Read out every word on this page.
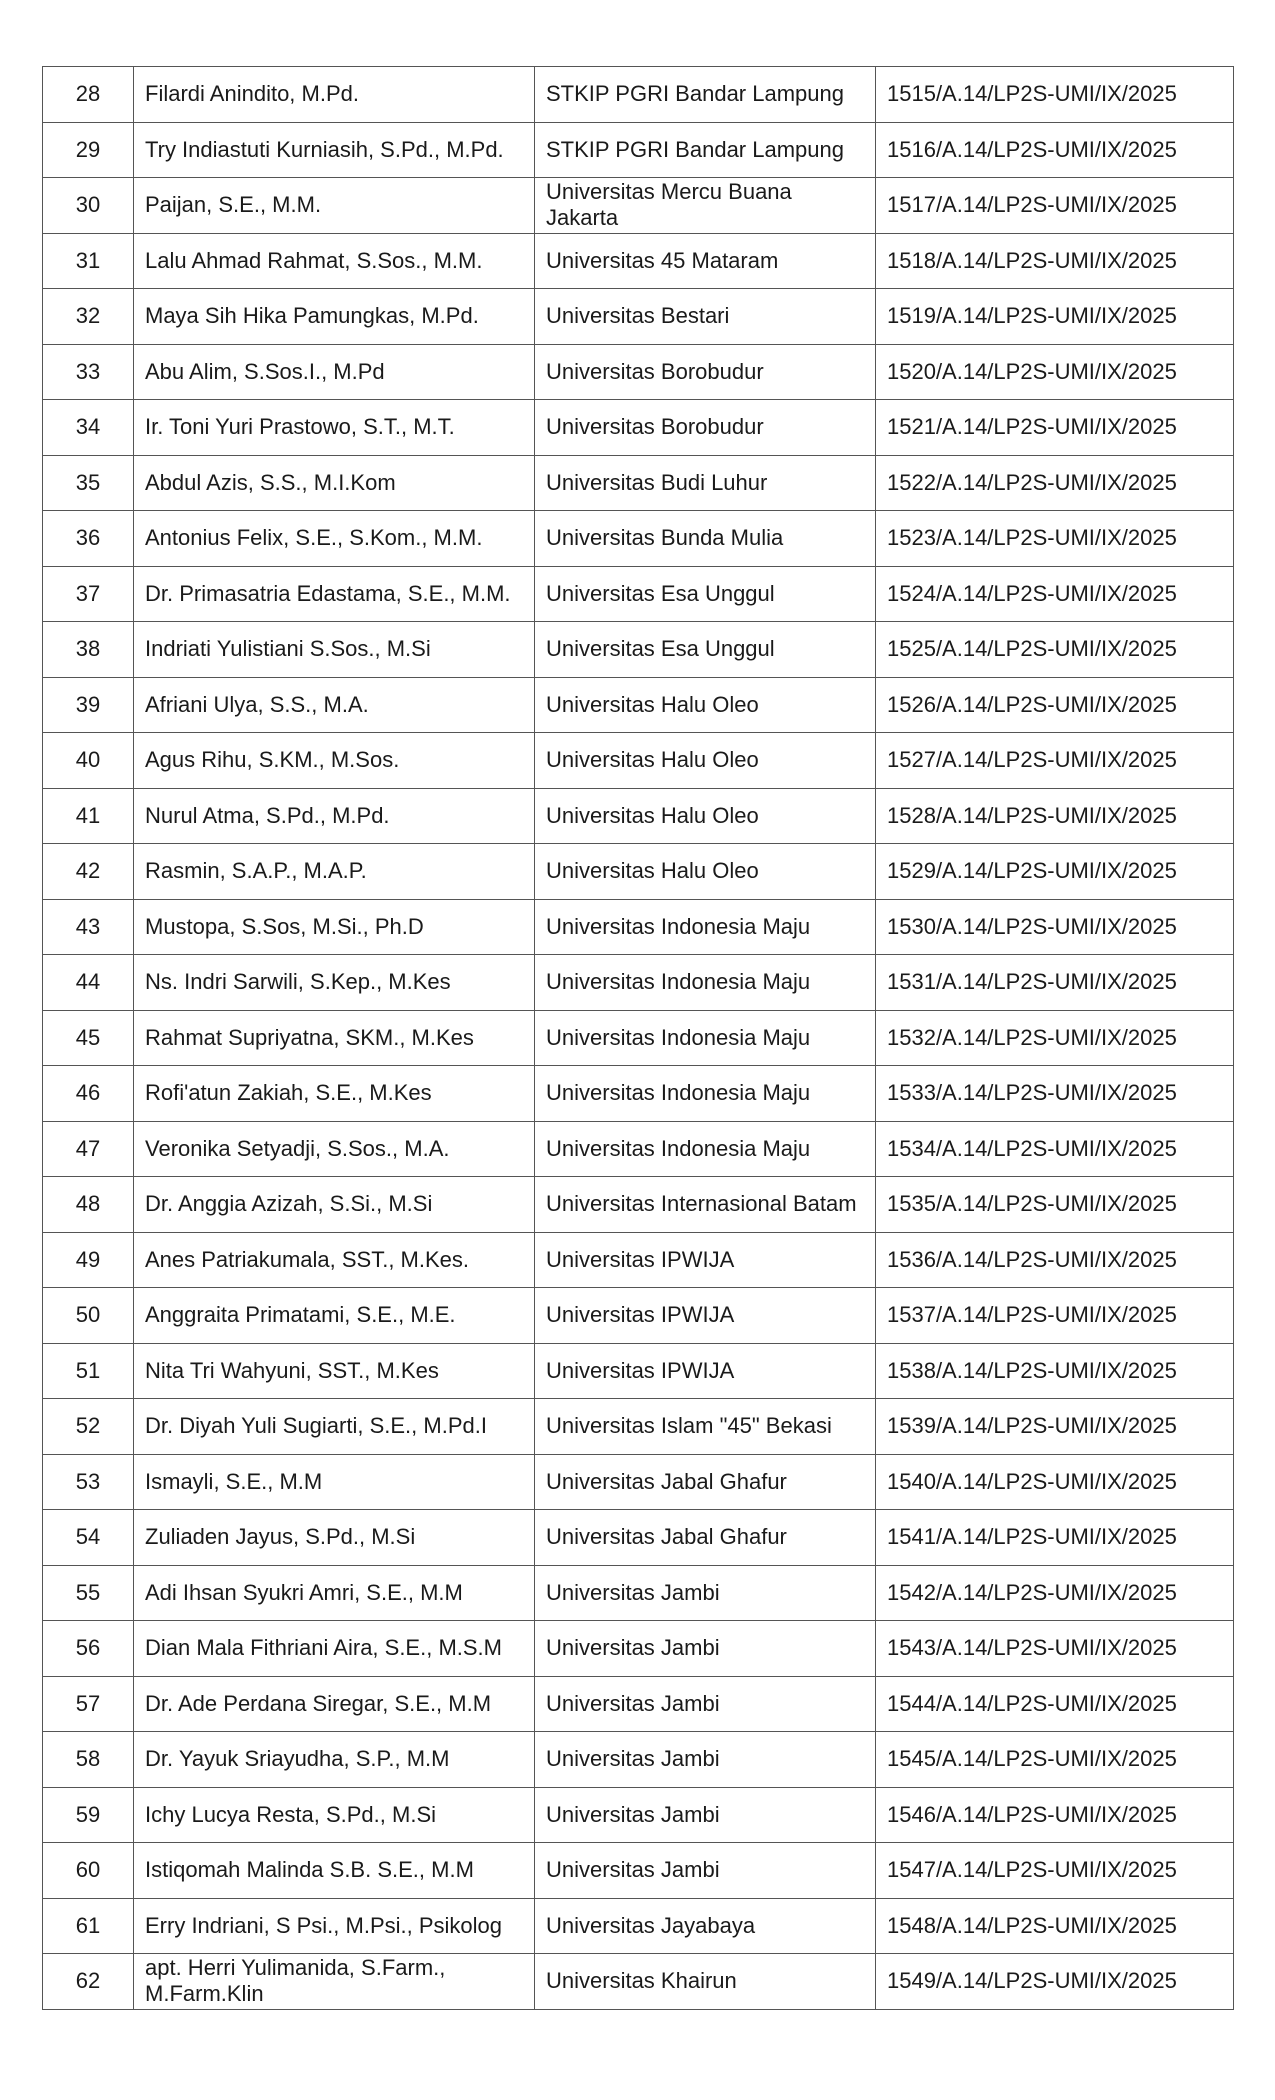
28	Filardi Anindito, M.Pd.	STKIP PGRI Bandar Lampung	1515/A.14/LP2S-UMI/IX/2025
29	Try Indiastuti Kurniasih, S.Pd., M.Pd.	STKIP PGRI Bandar Lampung	1516/A.14/LP2S-UMI/IX/2025
30	Paijan, S.E., M.M.	Universitas Mercu Buana Jakarta	1517/A.14/LP2S-UMI/IX/2025
31	Lalu Ahmad Rahmat, S.Sos., M.M.	Universitas 45 Mataram	1518/A.14/LP2S-UMI/IX/2025
32	Maya Sih Hika Pamungkas, M.Pd.	Universitas Bestari	1519/A.14/LP2S-UMI/IX/2025
33	Abu Alim, S.Sos.I., M.Pd	Universitas Borobudur	1520/A.14/LP2S-UMI/IX/2025
34	Ir. Toni Yuri Prastowo, S.T., M.T.	Universitas Borobudur	1521/A.14/LP2S-UMI/IX/2025
35	Abdul Azis, S.S., M.I.Kom	Universitas Budi Luhur	1522/A.14/LP2S-UMI/IX/2025
36	Antonius Felix, S.E., S.Kom., M.M.	Universitas Bunda Mulia	1523/A.14/LP2S-UMI/IX/2025
37	Dr. Primasatria Edastama, S.E., M.M.	Universitas Esa Unggul	1524/A.14/LP2S-UMI/IX/2025
38	Indriati Yulistiani S.Sos., M.Si	Universitas Esa Unggul	1525/A.14/LP2S-UMI/IX/2025
39	Afriani Ulya, S.S., M.A.	Universitas Halu Oleo	1526/A.14/LP2S-UMI/IX/2025
40	Agus Rihu, S.KM., M.Sos.	Universitas Halu Oleo	1527/A.14/LP2S-UMI/IX/2025
41	Nurul Atma, S.Pd., M.Pd.	Universitas Halu Oleo	1528/A.14/LP2S-UMI/IX/2025
42	Rasmin, S.A.P., M.A.P.	Universitas Halu Oleo	1529/A.14/LP2S-UMI/IX/2025
43	Mustopa, S.Sos, M.Si., Ph.D	Universitas Indonesia Maju	1530/A.14/LP2S-UMI/IX/2025
44	Ns. Indri Sarwili, S.Kep., M.Kes	Universitas Indonesia Maju	1531/A.14/LP2S-UMI/IX/2025
45	Rahmat Supriyatna, SKM., M.Kes	Universitas Indonesia Maju	1532/A.14/LP2S-UMI/IX/2025
46	Rofi'atun Zakiah, S.E., M.Kes	Universitas Indonesia Maju	1533/A.14/LP2S-UMI/IX/2025
47	Veronika Setyadji, S.Sos., M.A.	Universitas Indonesia Maju	1534/A.14/LP2S-UMI/IX/2025
48	Dr. Anggia Azizah, S.Si., M.Si	Universitas Internasional Batam	1535/A.14/LP2S-UMI/IX/2025
49	Anes Patriakumala, SST., M.Kes.	Universitas IPWIJA	1536/A.14/LP2S-UMI/IX/2025
50	Anggraita Primatami, S.E., M.E.	Universitas IPWIJA	1537/A.14/LP2S-UMI/IX/2025
51	Nita Tri Wahyuni, SST., M.Kes	Universitas IPWIJA	1538/A.14/LP2S-UMI/IX/2025
52	Dr. Diyah Yuli Sugiarti, S.E., M.Pd.I	Universitas Islam "45" Bekasi	1539/A.14/LP2S-UMI/IX/2025
53	Ismayli, S.E., M.M	Universitas Jabal Ghafur	1540/A.14/LP2S-UMI/IX/2025
54	Zuliaden Jayus, S.Pd., M.Si	Universitas Jabal Ghafur	1541/A.14/LP2S-UMI/IX/2025
55	Adi Ihsan Syukri Amri, S.E., M.M	Universitas Jambi	1542/A.14/LP2S-UMI/IX/2025
56	Dian Mala Fithriani Aira, S.E., M.S.M	Universitas Jambi	1543/A.14/LP2S-UMI/IX/2025
57	Dr. Ade Perdana Siregar, S.E., M.M	Universitas Jambi	1544/A.14/LP2S-UMI/IX/2025
58	Dr. Yayuk Sriayudha, S.P., M.M	Universitas Jambi	1545/A.14/LP2S-UMI/IX/2025
59	Ichy Lucya Resta, S.Pd., M.Si	Universitas Jambi	1546/A.14/LP2S-UMI/IX/2025
60	Istiqomah Malinda S.B. S.E., M.M	Universitas Jambi	1547/A.14/LP2S-UMI/IX/2025
61	Erry Indriani, S Psi., M.Psi., Psikolog	Universitas Jayabaya	1548/A.14/LP2S-UMI/IX/2025
62	apt. Herri Yulimanida, S.Farm., M.Farm.Klin	Universitas Khairun	1549/A.14/LP2S-UMI/IX/2025
